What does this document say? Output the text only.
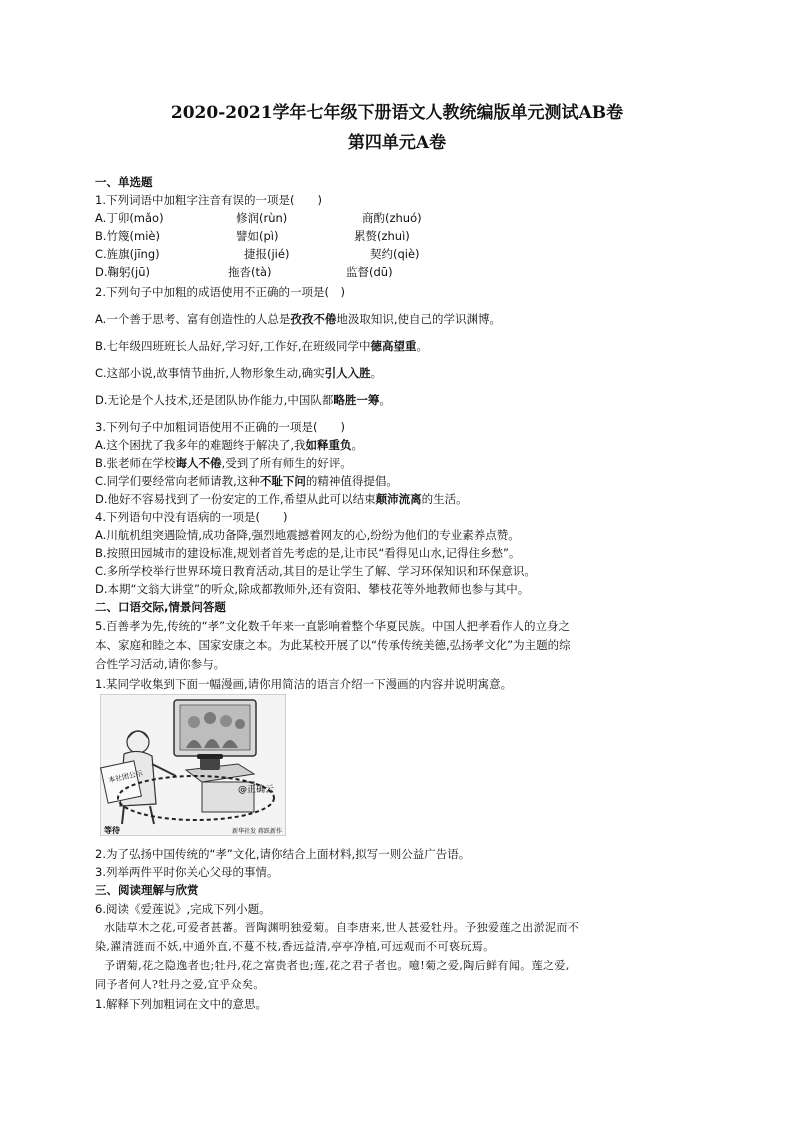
2020-2021学年七年级下册语文人教统编版单元测试AB卷
第四单元A卷
一、单选题
1.下列词语中加粗字注音有误的一项是(　　)
A.丁卯(mǎo)	修润(rùn)	商酌(zhuó)
B.竹篾(miè)	譬如(pì)	累赘(zhuì)
C.旌旗(jīng)	捷报(jié)	契约(qiè)
D.鞠躬(jū)	拖沓(tà)	监督(dū)
2.下列句子中加粗的成语使用不正确的一项是(　)
A.一个善于思考、富有创造性的人总是孜孜不倦地汲取知识,使自己的学识渊博。
B.七年级四班班长人品好,学习好,工作好,在班级同学中德高望重。
C.这部小说,故事情节曲折,人物形象生动,确实引人入胜。
D.无论是个人技术,还是团队协作能力,中国队都略胜一筹。
3.下列句子中加粗词语使用不正确的一项是(　　)
A.这个困扰了我多年的难题终于解决了,我如释重负。
B.张老师在学校诲人不倦,受到了所有师生的好评。
C.同学们要经常向老师请教,这种不耻下问的精神值得提倡。
D.他好不容易找到了一份安定的工作,希望从此可以结束颠沛流离的生活。
4.下列语句中没有语病的一项是(　　)
A.川航机组突遇险情,成功备降,强烈地震撼着网友的心,纷纷为他们的专业素养点赞。
B.按照田园城市的建设标准,规划者首先考虑的是,让市民“看得见山水,记得住乡愁”。
C.多所学校举行世界环境日教育活动,其目的是让学生了解、学习环保知识和环保意识。
D.本期“文翁大讲堂”的听众,除成都教师外,还有资阳、攀枝花等外地教师也参与其中。
二、口语交际,情景问答题
5.百善孝为先,传统的“孝”文化数千年来一直影响着整个华夏民族。中国人把孝看作人的立身之
本、家庭和睦之本、国家安康之本。为此某校开展了以“传承传统美德,弘扬孝文化”为主题的综
合性学习活动,请你参与。
1.某同学收集到下面一幅漫画,请你用简洁的语言介绍一下漫画的内容并说明寓意。
本社团公示
@正确云
等待	新华社发 蒋跃新作
2.为了弘扬中国传统的“孝”文化,请你结合上面材料,拟写一则公益广告语。
3.列举两件平时你关心父母的事情。
三、阅读理解与欣赏
6.阅读《爱莲说》,完成下列小题。
水陆草木之花,可爱者甚蕃。晋陶渊明独爱菊。自李唐来,世人甚爱牡丹。予独爱莲之出淤泥而不
染,濯清涟而不妖,中通外直,不蔓不枝,香远益清,亭亭净植,可远观而不可亵玩焉。
予谓菊,花之隐逸者也;牡丹,花之富贵者也;莲,花之君子者也。噫!菊之爱,陶后鲜有闻。莲之爱,
同予者何人?牡丹之爱,宜乎众矣。
1.解释下列加粗词在文中的意思。
